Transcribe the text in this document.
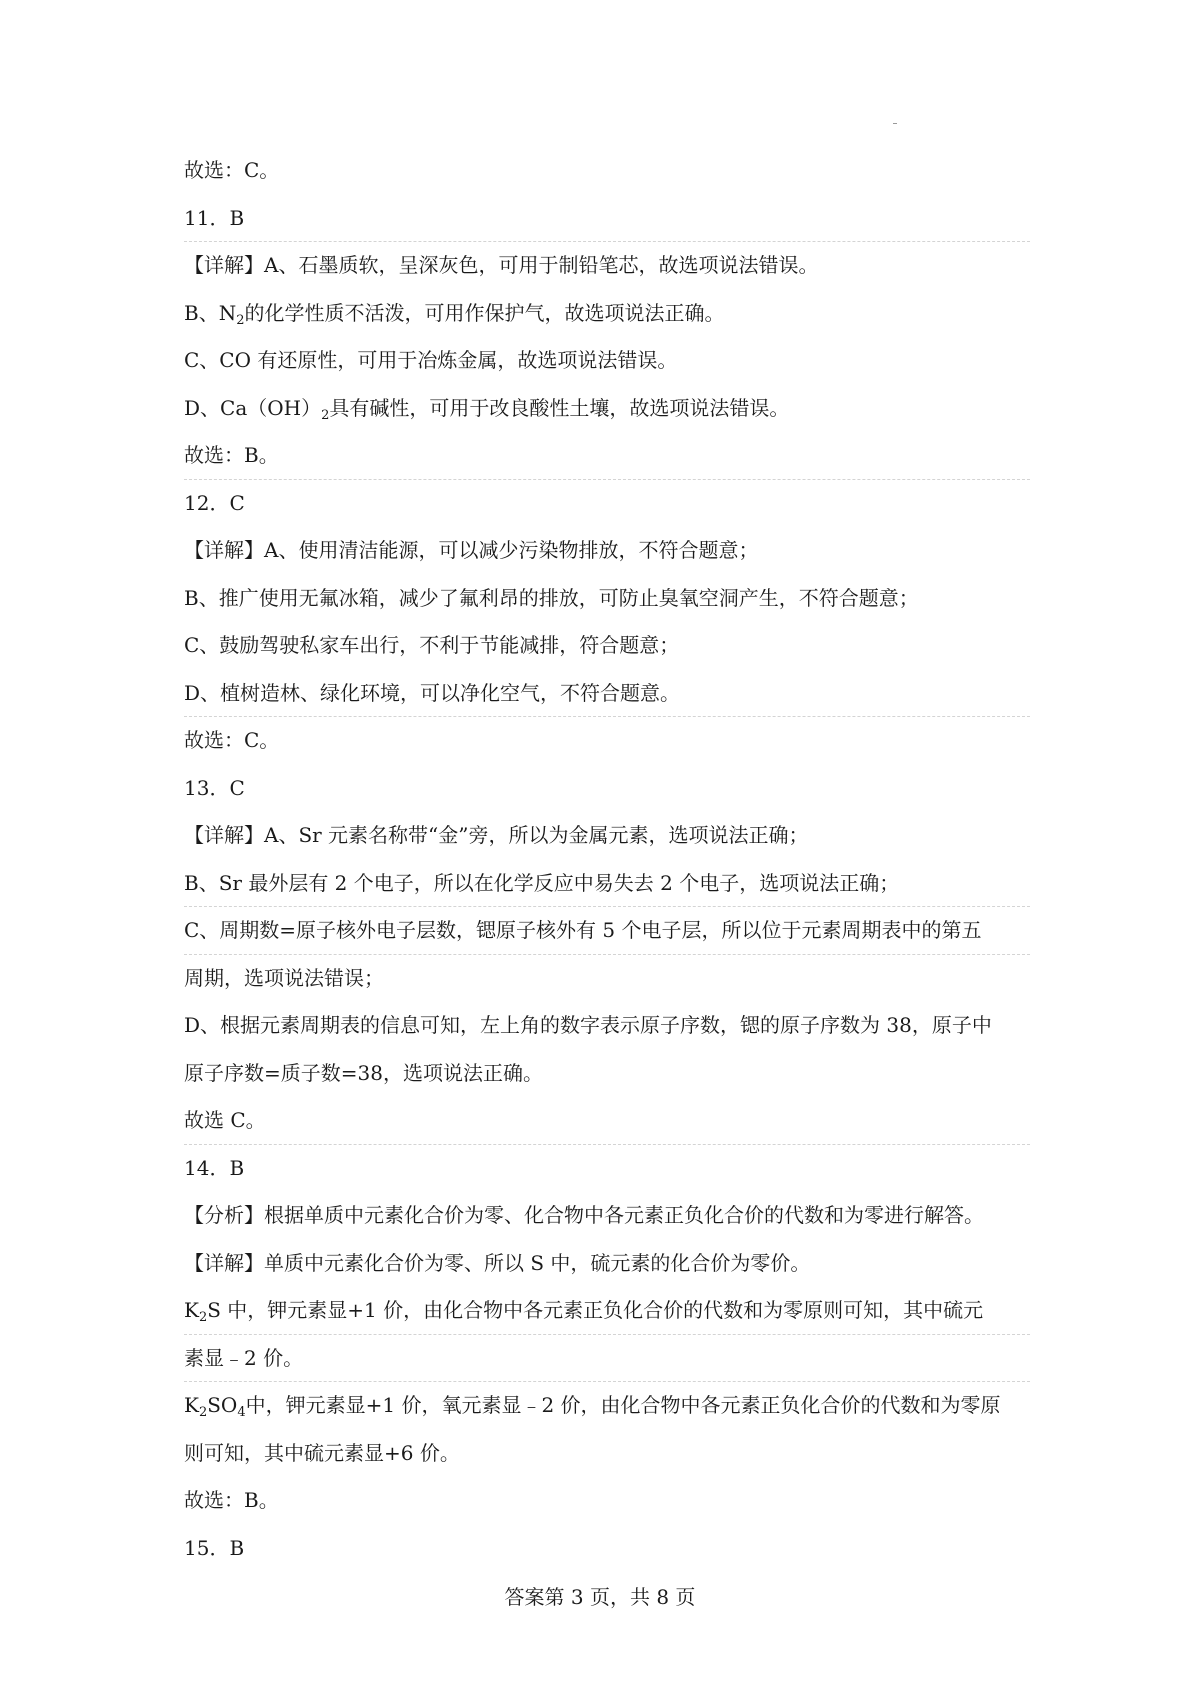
故选：C。
11．B
【详解】A、石墨质软，呈深灰色，可用于制铅笔芯，故选项说法错误。
B、$N_2$的化学性质不活泼，可用作保护气，故选项说法正确。
C、CO 有还原性，可用于冶炼金属，故选项说法错误。
D、$Ca(OH)_2$具有碱性，可用于改良酸性土壤，故选项说法错误。
故选：B。
12．C
【详解】A、使用清洁能源，可以减少污染物排放，不符合题意；
B、推广使用无氟冰箱，减少了氟利昂的排放，可防止臭氧空洞产生，不符合题意；
C、鼓励驾驶私家车出行，不利于节能减排，符合题意；
D、植树造林、绿化环境，可以净化空气，不符合题意。
故选：C。
13．C
【详解】A、Sr 元素名称带“金”旁，所以为金属元素，选项说法正确；
B、Sr 最外层有 2 个电子，所以在化学反应中易失去 2 个电子，选项说法正确；
C、周期数=原子核外电子层数，锶原子核外有 5 个电子层，所以位于元素周期表中的第五
周期，选项说法错误；
D、根据元素周期表的信息可知，左上角的数字表示原子序数，锶的原子序数为 38，原子中
原子序数=质子数=38，选项说法正确。
故选 C。
14．B
【分析】根据单质中元素化合价为零、化合物中各元素正负化合价的代数和为零进行解答。
【详解】单质中元素化合价为零、所以 S 中，硫元素的化合价为零价。
$K_2S$ 中，钾元素显+1 价，由化合物中各元素正负化合价的代数和为零原则可知，其中硫元
素显﹣2 价。
$K_2SO_4$中，钾元素显+1 价，氧元素显﹣2 价，由化合物中各元素正负化合价的代数和为零原
则可知，其中硫元素显+6 价。
故选：B。
15．B
答案第 3 页，共 8 页
